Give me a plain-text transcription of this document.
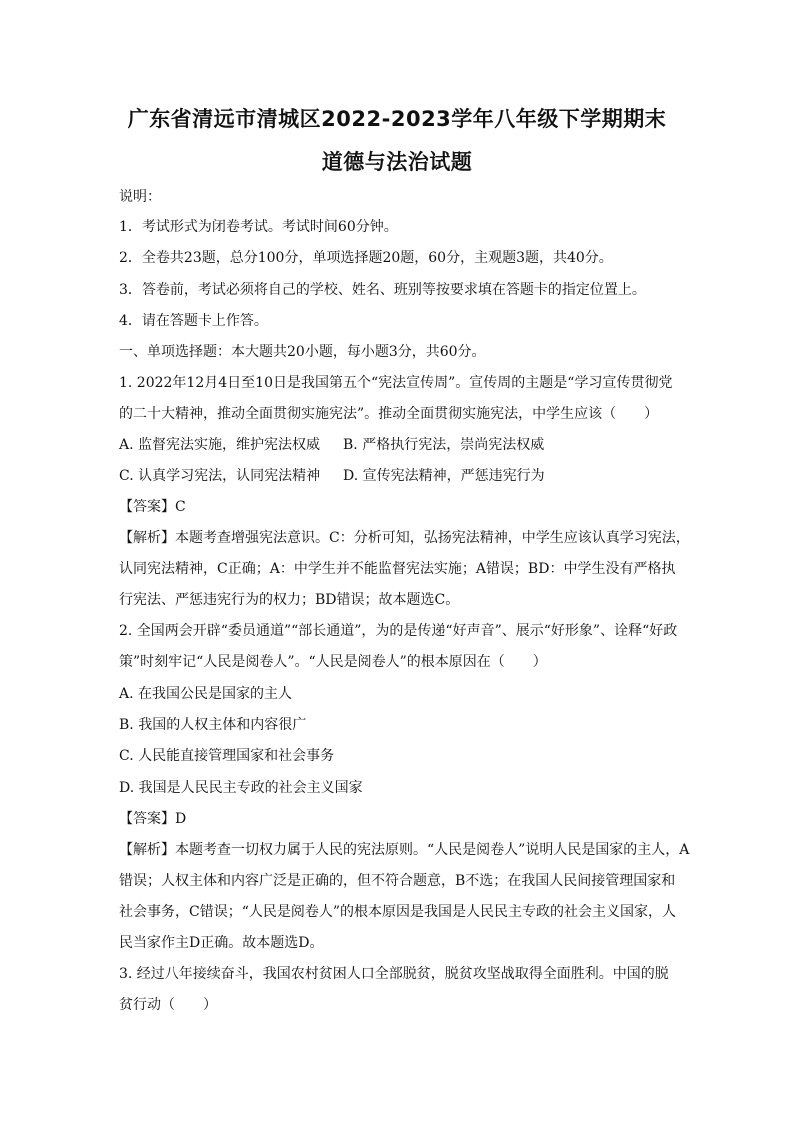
广东省清远市清城区2022-2023学年八年级下学期期末
道德与法治试题
说明：
1．考试形式为闭卷考试。考试时间60分钟。
2．全卷共23题，总分100分，单项选择题20题，60分，主观题3题，共40分。
3．答卷前，考试必须将自己的学校、姓名、班别等按要求填在答题卡的指定位置上。
4．请在答题卡上作答。
一、单项选择题：本大题共20小题，每小题3分，共60分。
1. 2022年12月4日至10日是我国第五个“宪法宣传周”。宣传周的主题是“学习宣传贯彻党
的二十大精神，推动全面贯彻实施宪法”。推动全面贯彻实施宪法，中学生应该（　　）
A. 监督宪法实施，维护宪法权威 B. 严格执行宪法，崇尚宪法权威
C. 认真学习宪法，认同宪法精神 D. 宣传宪法精神，严惩违宪行为
【答案】C
【解析】本题考查增强宪法意识。C：分析可知，弘扬宪法精神，中学生应该认真学习宪法，
认同宪法精神，C正确；A：中学生并不能监督宪法实施；A错误；BD：中学生没有严格执
行宪法、严惩违宪行为的权力；BD错误；故本题选C。
2. 全国两会开辟“委员通道”“部长通道”，为的是传递“好声音”、展示“好形象”、诠释“好政
策”时刻牢记“人民是阅卷人”。“人民是阅卷人”的根本原因在（　　）
A. 在我国公民是国家的主人
B. 我国的人权主体和内容很广
C. 人民能直接管理国家和社会事务
D. 我国是人民民主专政的社会主义国家
【答案】D
【解析】本题考查一切权力属于人民的宪法原则。“人民是阅卷人”说明人民是国家的主人，A
错误；人权主体和内容广泛是正确的，但不符合题意，B不选；在我国人民间接管理国家和
社会事务，C错误；“人民是阅卷人”的根本原因是我国是人民民主专政的社会主义国家，人
民当家作主D正确。故本题选D。
3. 经过八年接续奋斗，我国农村贫困人口全部脱贫，脱贫攻坚战取得全面胜利。中国的脱
贫行动（　　）
